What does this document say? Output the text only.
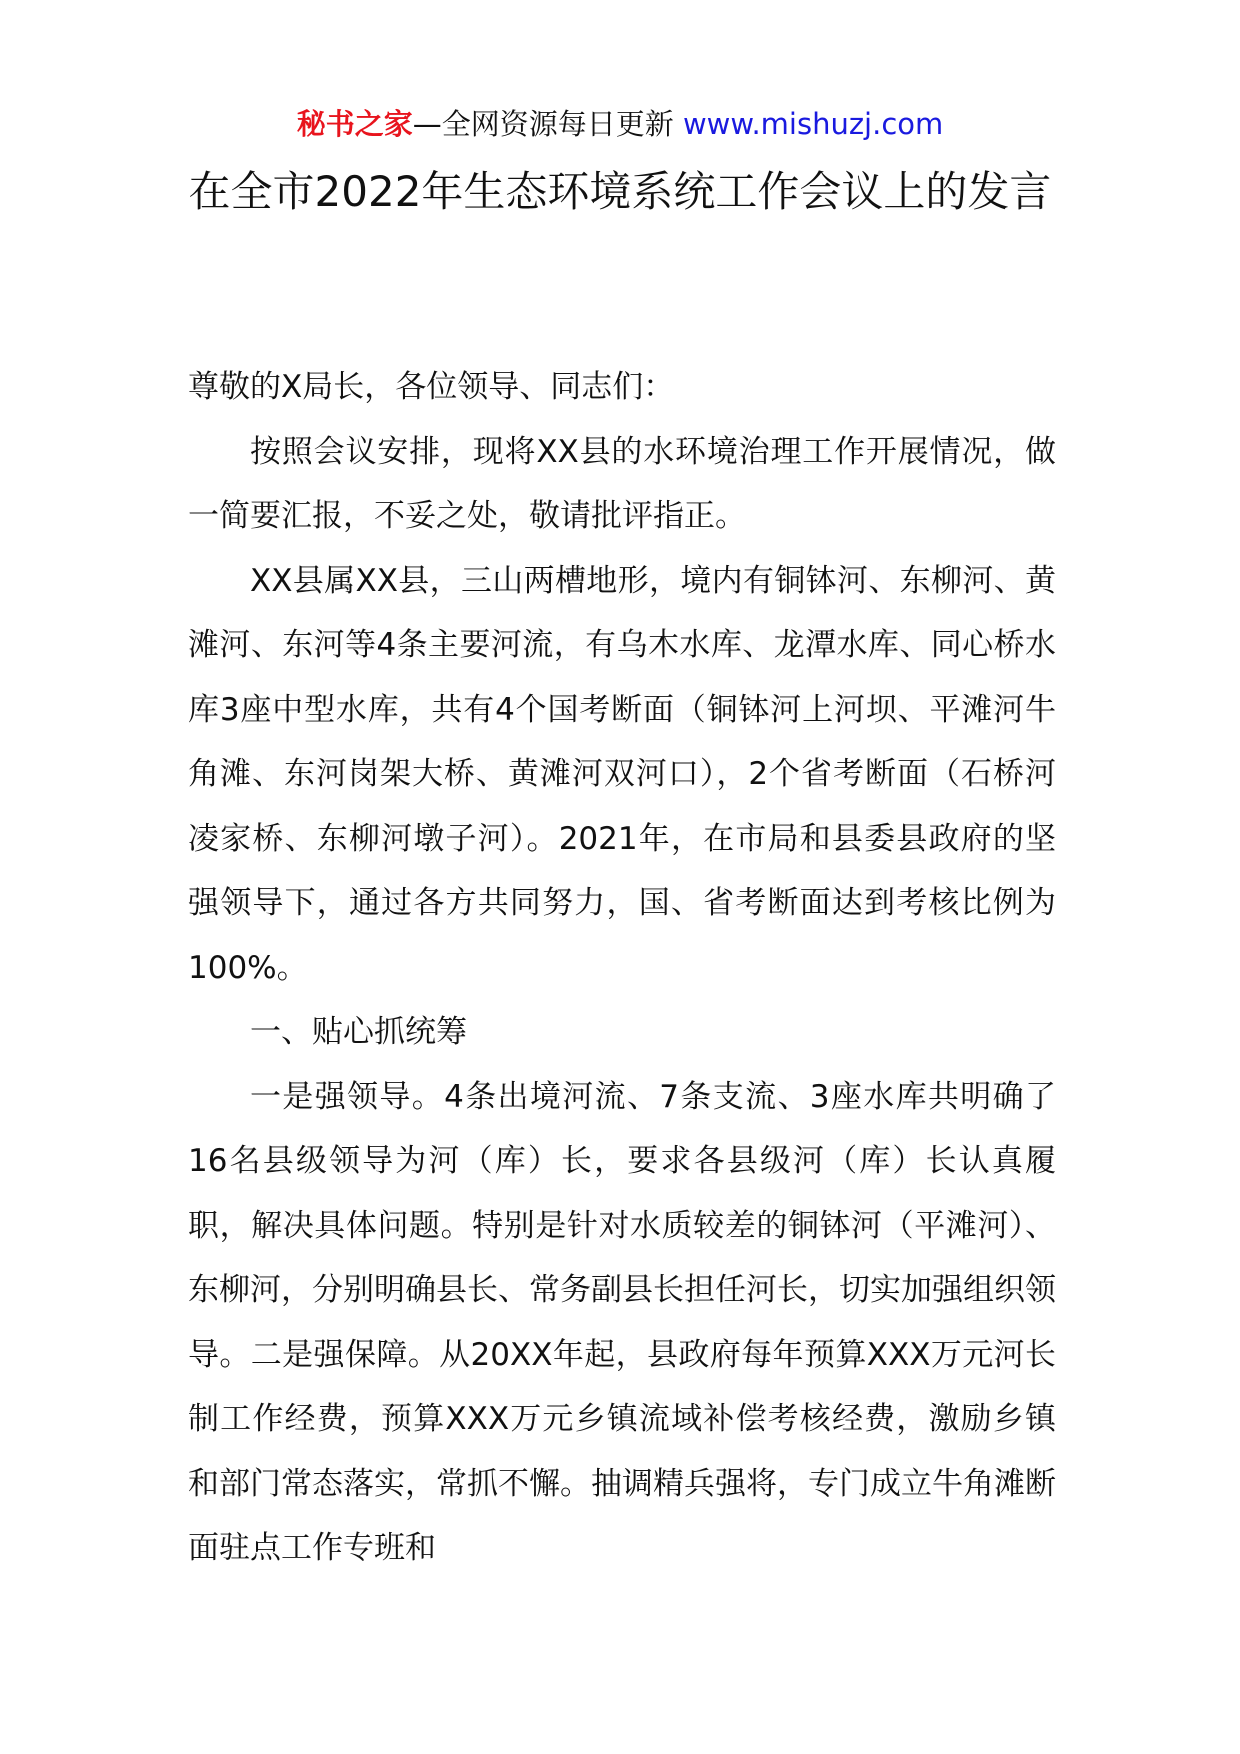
秘书之家—全网资源每日更新 www.mishuzj.com
在全市2022年生态环境系统工作会议上的发言

尊敬的X局长，各位领导、同志们：

按照会议安排，现将XX县的水环境治理工作开展情况，做一简要汇报，不妥之处，敬请批评指正。

XX县属XX县，三山两槽地形，境内有铜钵河、东柳河、黄滩河、东河等4条主要河流，有乌木水库、龙潭水库、同心桥水库3座中型水库，共有4个国考断面（铜钵河上河坝、平滩河牛角滩、东河岗架大桥、黄滩河双河口），2个省考断面（石桥河凌家桥、东柳河墩子河）。2021年，在市局和县委县政府的坚强领导下，通过各方共同努力，国、省考断面达到考核比例为100%。

一、贴心抓统筹

一是强领导。4条出境河流、7条支流、3座水库共明确了16名县级领导为河（库）长，要求各县级河（库）长认真履职，解决具体问题。特别是针对水质较差的铜钵河（平滩河）、东柳河，分别明确县长、常务副县长担任河长，切实加强组织领导。二是强保障。从20XX年起，县政府每年预算XXX万元河长制工作经费，预算XXX万元乡镇流域补偿考核经费，激励乡镇和部门常态落实，常抓不懈。抽调精兵强将，专门成立牛角滩断面驻点工作专班和
